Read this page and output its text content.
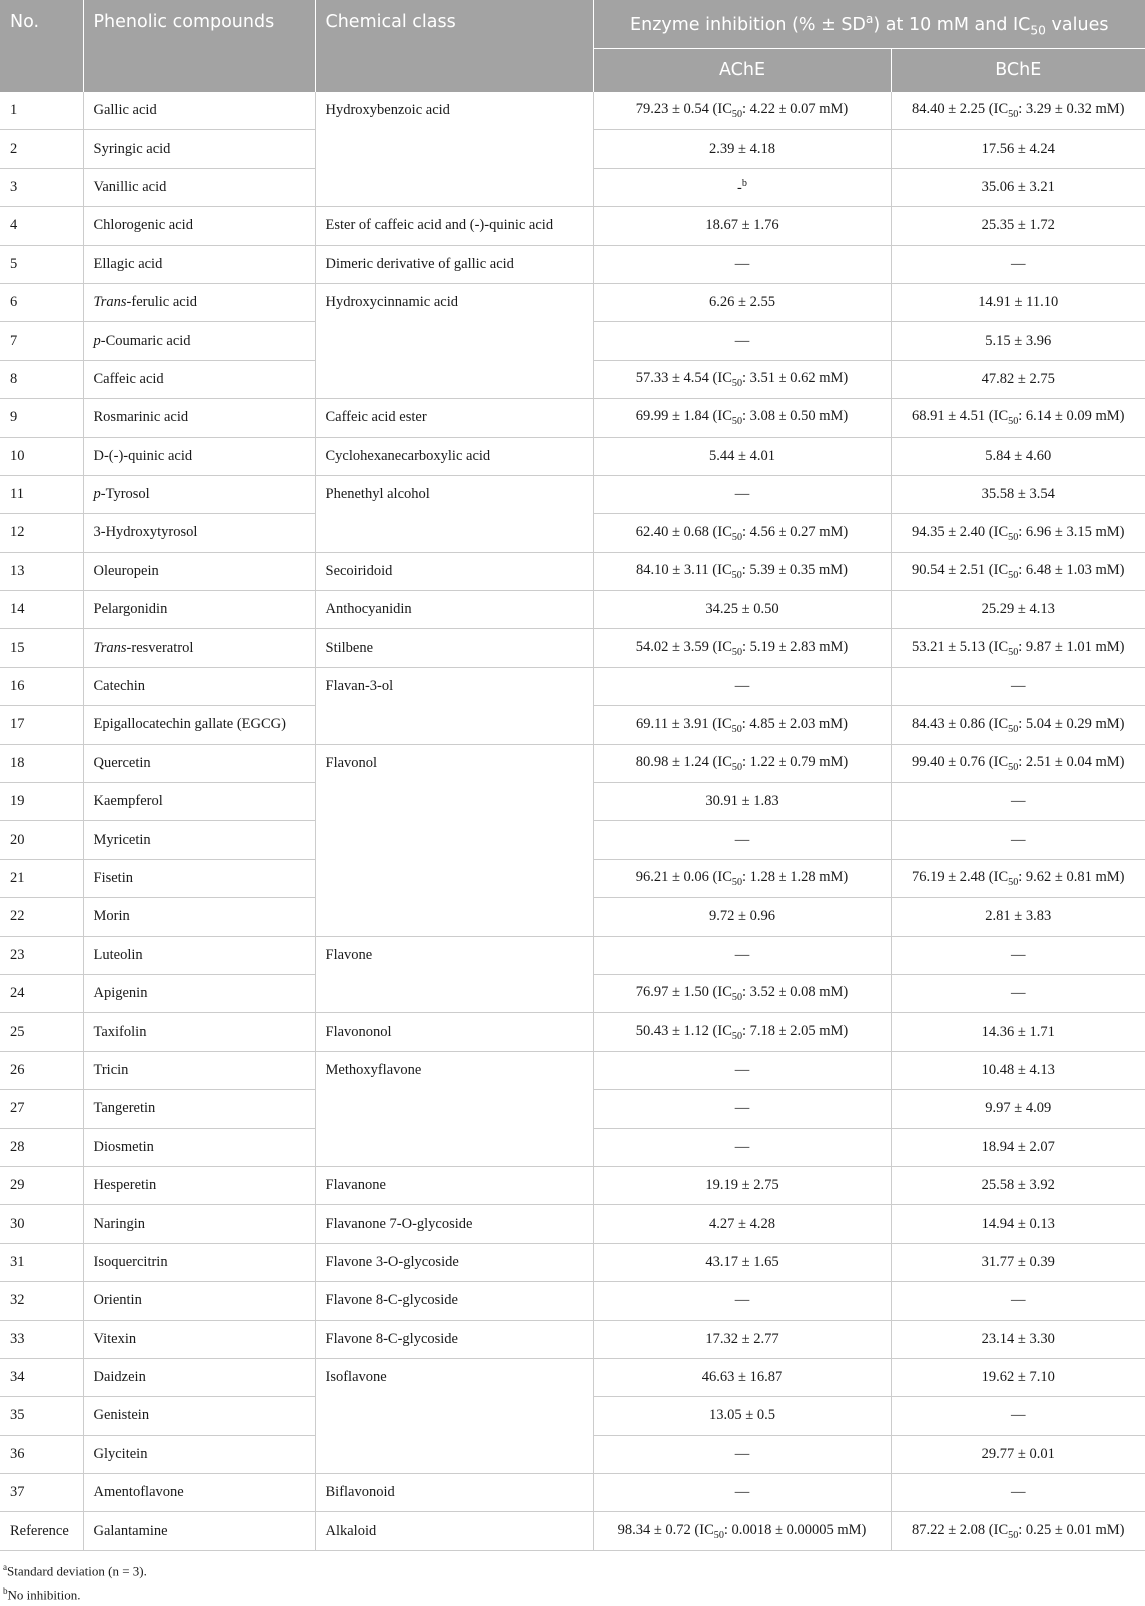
No.	Phenolic compounds	Chemical class	Enzyme inhibition (% ± $SD^a$) at 10 mM and $IC_{50}$ values	
			AChE	BChE
1	Gallic acid	Hydroxybenzoic acid	79.23 ± 0.54 ($IC_{50}$: 4.22 ± 0.07 mM)	84.40 ± 2.25 ($IC_{50}$: 3.29 ± 0.32 mM)
2	Syringic acid		2.39 ± 4.18	17.56 ± 4.24
3	Vanillic acid		-$^b$	35.06 ± 3.21
4	Chlorogenic acid	Ester of caffeic acid and (-)-quinic acid	18.67 ± 1.76	25.35 ± 1.72
5	Ellagic acid	Dimeric derivative of gallic acid	—	—
6	Trans-ferulic acid	Hydroxycinnamic acid	6.26 ± 2.55	14.91 ± 11.10
7	p-Coumaric acid		—	5.15 ± 3.96
8	Caffeic acid		57.33 ± 4.54 ($IC_{50}$: 3.51 ± 0.62 mM)	47.82 ± 2.75
9	Rosmarinic acid	Caffeic acid ester	69.99 ± 1.84 ($IC_{50}$: 3.08 ± 0.50 mM)	68.91 ± 4.51 ($IC_{50}$: 6.14 ± 0.09 mM)
10	D-(-)-quinic acid	Cyclohexanecarboxylic acid	5.44 ± 4.01	5.84 ± 4.60
11	p-Tyrosol	Phenethyl alcohol	—	35.58 ± 3.54
12	3-Hydroxytyrosol		62.40 ± 0.68 ($IC_{50}$: 4.56 ± 0.27 mM)	94.35 ± 2.40 ($IC_{50}$: 6.96 ± 3.15 mM)
13	Oleuropein	Secoiridoid	84.10 ± 3.11 ($IC_{50}$: 5.39 ± 0.35 mM)	90.54 ± 2.51 ($IC_{50}$: 6.48 ± 1.03 mM)
14	Pelargonidin	Anthocyanidin	34.25 ± 0.50	25.29 ± 4.13
15	Trans-resveratrol	Stilbene	54.02 ± 3.59 ($IC_{50}$: 5.19 ± 2.83 mM)	53.21 ± 5.13 ($IC_{50}$: 9.87 ± 1.01 mM)
16	Catechin	Flavan-3-ol	—	—
17	Epigallocatechin gallate (EGCG)		69.11 ± 3.91 ($IC_{50}$: 4.85 ± 2.03 mM)	84.43 ± 0.86 ($IC_{50}$: 5.04 ± 0.29 mM)
18	Quercetin	Flavonol	80.98 ± 1.24 ($IC_{50}$: 1.22 ± 0.79 mM)	99.40 ± 0.76 ($IC_{50}$: 2.51 ± 0.04 mM)
19	Kaempferol		30.91 ± 1.83	—
20	Myricetin		—	—
21	Fisetin		96.21 ± 0.06 ($IC_{50}$: 1.28 ± 1.28 mM)	76.19 ± 2.48 ($IC_{50}$: 9.62 ± 0.81 mM)
22	Morin		9.72 ± 0.96	2.81 ± 3.83
23	Luteolin	Flavone	—	—
24	Apigenin		76.97 ± 1.50 ($IC_{50}$: 3.52 ± 0.08 mM)	—
25	Taxifolin	Flavononol	50.43 ± 1.12 ($IC_{50}$: 7.18 ± 2.05 mM)	14.36 ± 1.71
26	Tricin	Methoxyflavone	—	10.48 ± 4.13
27	Tangeretin		—	9.97 ± 4.09
28	Diosmetin		—	18.94 ± 2.07
29	Hesperetin	Flavanone	19.19 ± 2.75	25.58 ± 3.92
30	Naringin	Flavanone 7-O-glycoside	4.27 ± 4.28	14.94 ± 0.13
31	Isoquercitrin	Flavone 3-O-glycoside	43.17 ± 1.65	31.77 ± 0.39
32	Orientin	Flavone 8-C-glycoside	—	—
33	Vitexin	Flavone 8-C-glycoside	17.32 ± 2.77	23.14 ± 3.30
34	Daidzein	Isoflavone	46.63 ± 16.87	19.62 ± 7.10
35	Genistein		13.05 ± 0.5	—
36	Glycitein		—	29.77 ± 0.01
37	Amentoflavone	Biflavonoid	—	—
Reference	Galantamine	Alkaloid	98.34 ± 0.72 ($IC_{50}$: 0.0018 ± 0.00005 mM)	87.22 ± 2.08 ($IC_{50}$: 0.25 ± 0.01 mM)
$^a$Standard deviation (n = 3).
$^b$No inhibition.
